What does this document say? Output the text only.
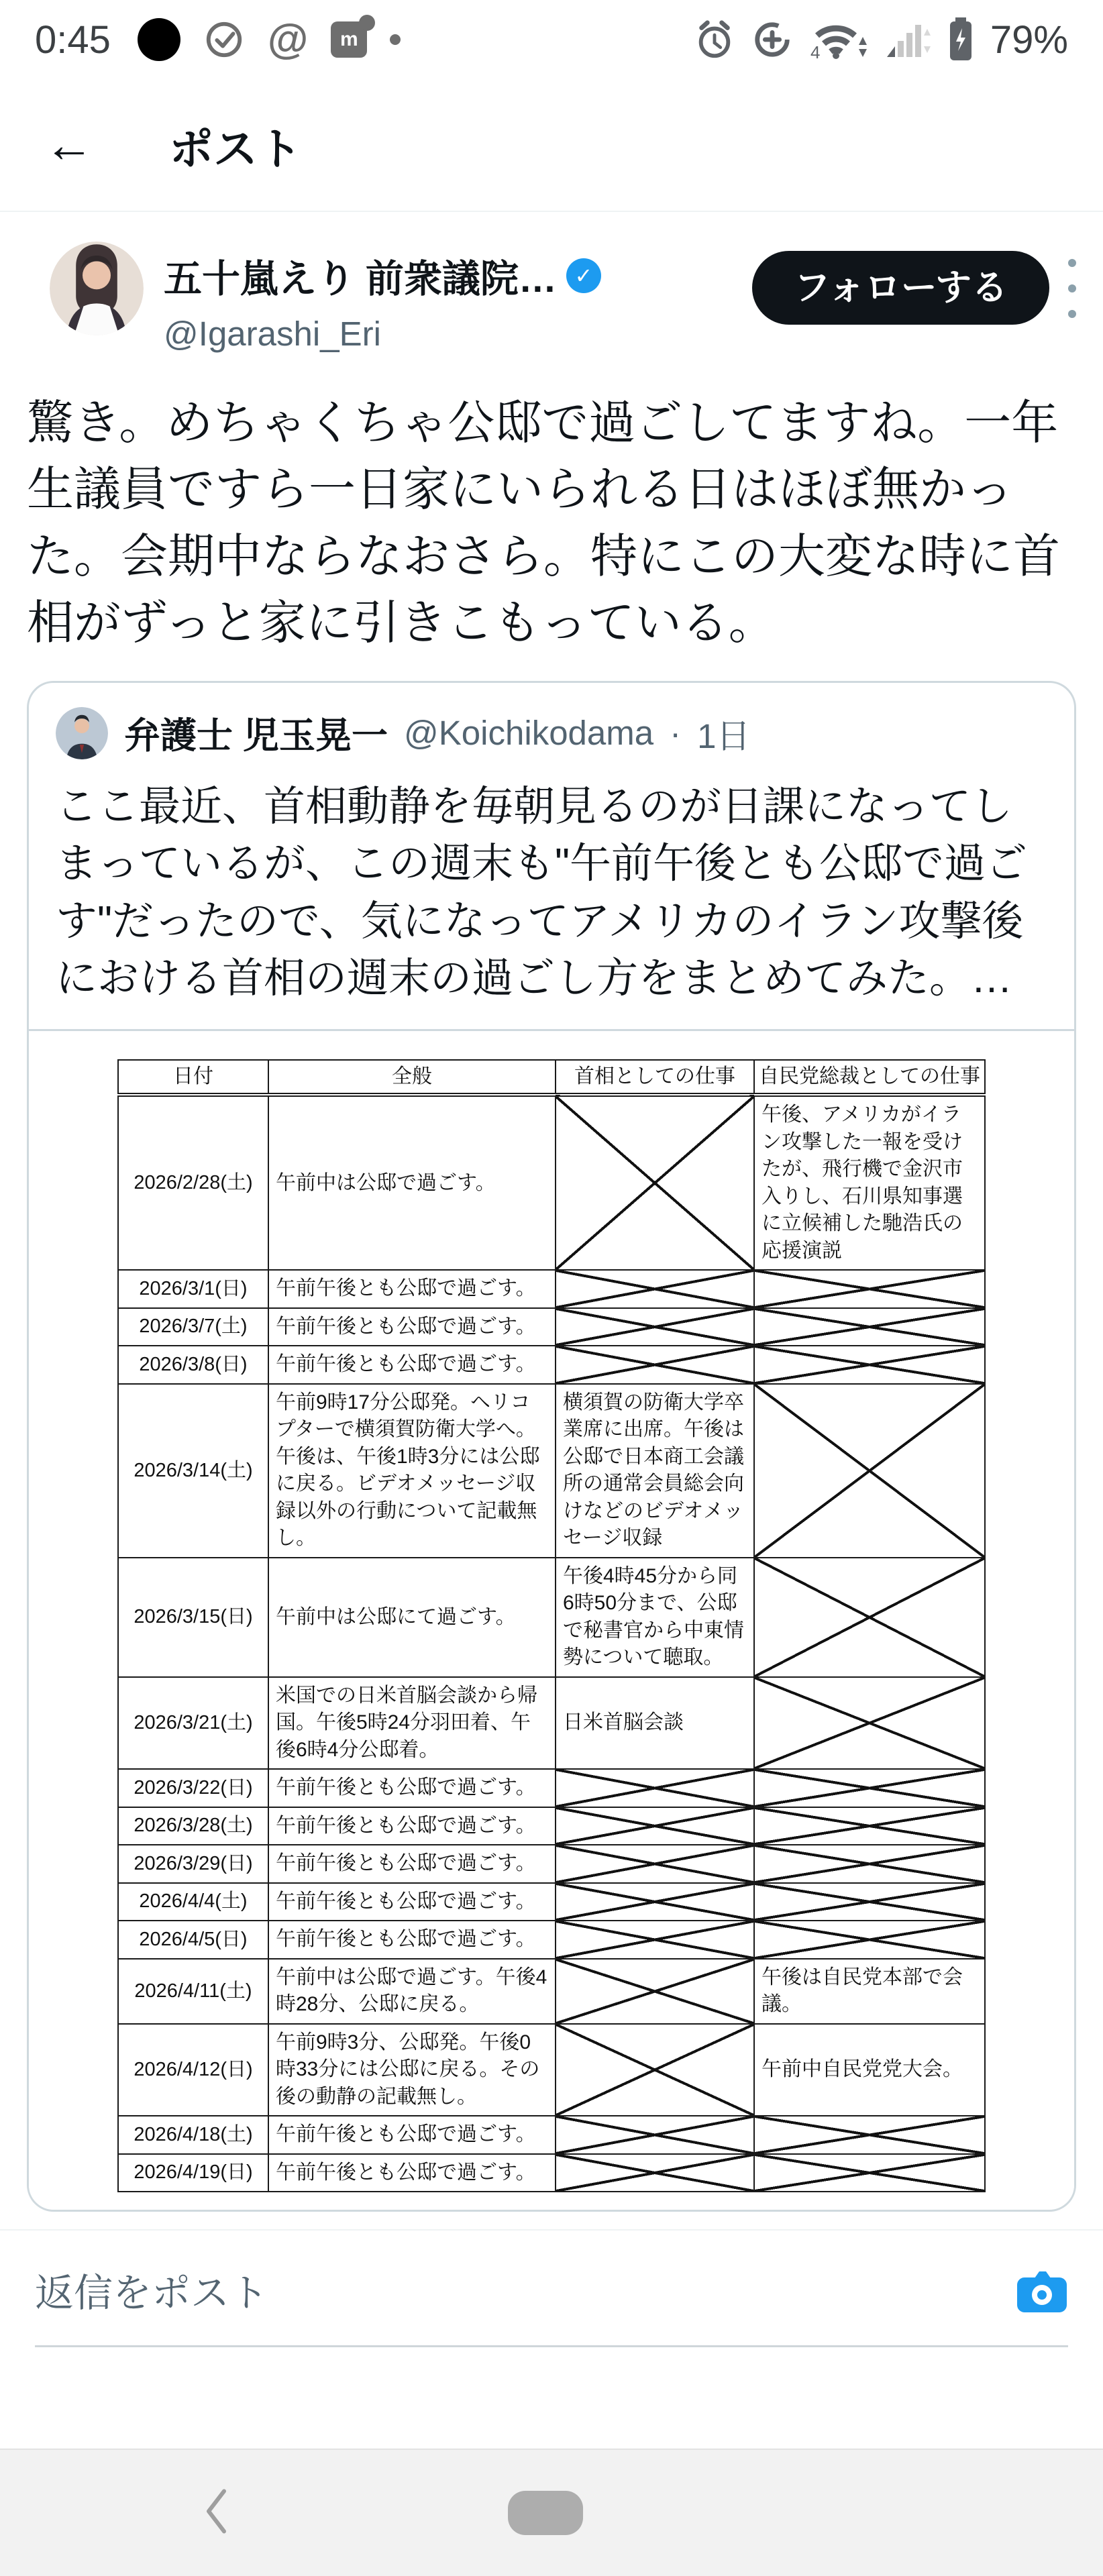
0:45	@	m
4	79%
← ポスト
五十嵐えり 前衆議院… ✓
@Igarashi_Eri
フォローする
驚き。めちゃくちゃ公邸で過ごしてますね。一年生議員ですら一日家にいられる日はほぼ無かった。会期中ならなおさら。特にこの大変な時に首相がずっと家に引きこもっている。
弁護士 児玉晃一 @Koichikodama · 1日
ここ最近、首相動静を毎朝見るのが日課になってしまっているが、この週末も"午前午後とも公邸で過ごす"だったので、気になってアメリカのイラン攻撃後における首相の週末の過ごし方をまとめてみた。…
日付	全般	首相としての仕事	自民党総裁としての仕事
2026/2/28(土)	午前中は公邸で過ごす。		午後、アメリカがイラン攻撃した一報を受けたが、飛行機で金沢市入りし、石川県知事選に立候補した馳浩氏の応援演説
2026/3/1(日)	午前午後とも公邸で過ごす。		
2026/3/7(土)	午前午後とも公邸で過ごす。		
2026/3/8(日)	午前午後とも公邸で過ごす。		
2026/3/14(土)	午前9時17分公邸発。ヘリコプターで横須賀防衛大学へ。午後は、午後1時3分には公邸に戻る。ビデオメッセージ収録以外の行動について記載無し。	横須賀の防衛大学卒業席に出席。午後は公邸で日本商工会議所の通常会員総会向けなどのビデオメッセージ収録	
2026/3/15(日)	午前中は公邸にて過ごす。	午後4時45分から同6時50分まで、公邸で秘書官から中東情勢について聴取。	
2026/3/21(土)	米国での日米首脳会談から帰国。午後5時24分羽田着、午後6時4分公邸着。	日米首脳会談	
2026/3/22(日)	午前午後とも公邸で過ごす。		
2026/3/28(土)	午前午後とも公邸で過ごす。		
2026/3/29(日)	午前午後とも公邸で過ごす。		
2026/4/4(土)	午前午後とも公邸で過ごす。		
2026/4/5(日)	午前午後とも公邸で過ごす。		
2026/4/11(土)	午前中は公邸で過ごす。午後4時28分、公邸に戻る。		午後は自民党本部で会議。
2026/4/12(日)	午前9時3分、公邸発。午後0時33分には公邸に戻る。その後の動静の記載無し。		午前中自民党党大会。
2026/4/18(土)	午前午後とも公邸で過ごす。		
2026/4/19(日)	午前午後とも公邸で過ごす。		
返信をポスト
